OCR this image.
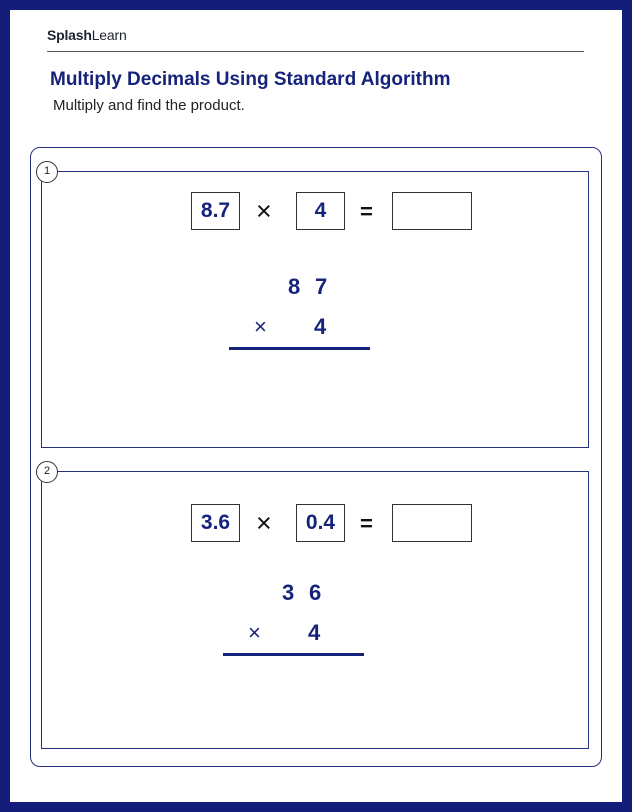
SplashLearn
Multiply Decimals Using Standard Algorithm
Multiply and find the product.
1
8.7 ×	4	=
8 7
× 4
2
3.6 ×	0.4	=
3 6
× 4
